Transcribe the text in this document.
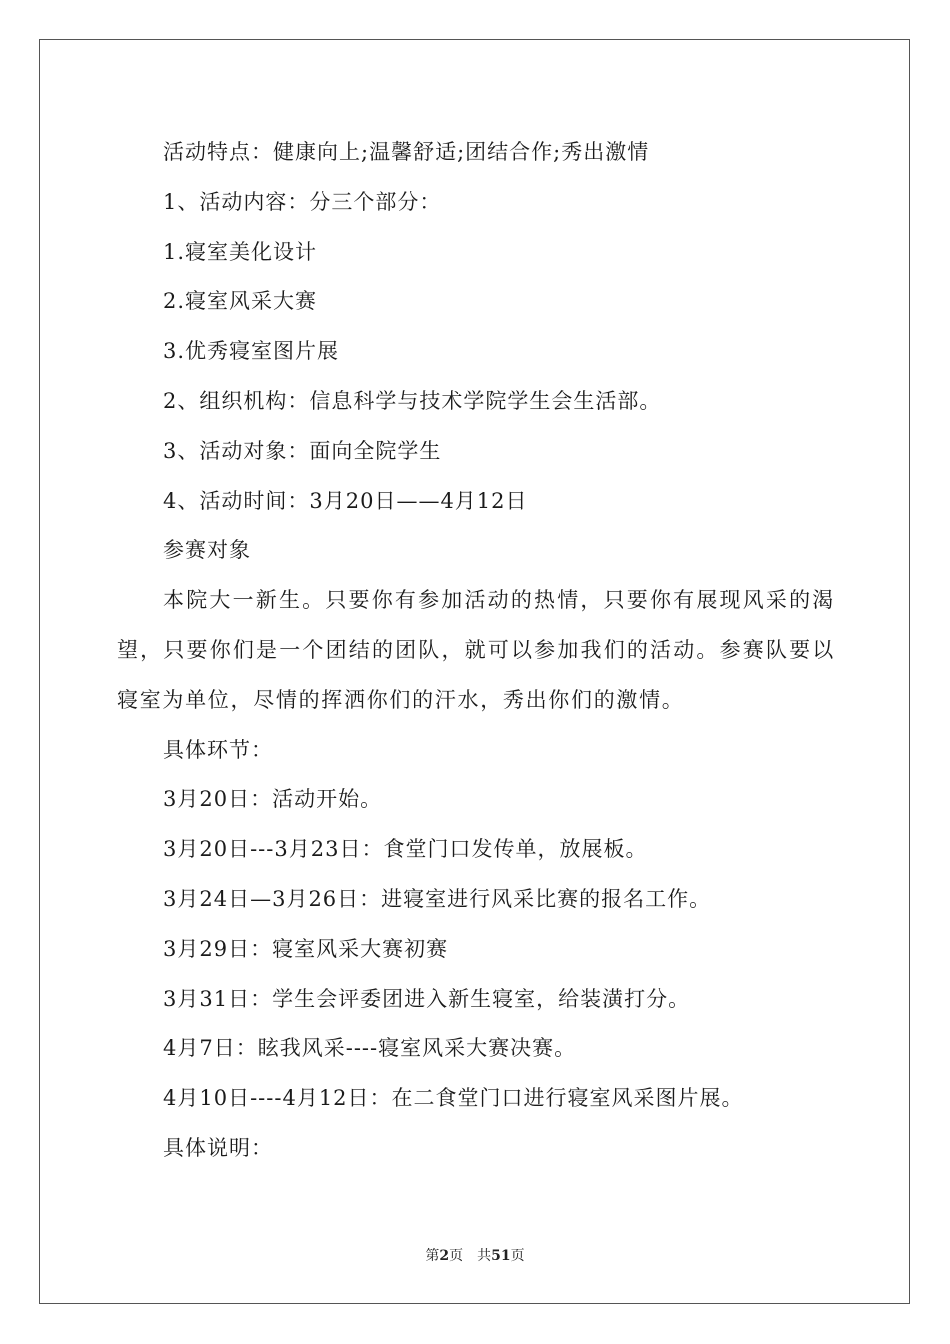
活动特点：健康向上;温馨舒适;团结合作;秀出激情
1、活动内容：分三个部分：
1.寝室美化设计
2.寝室风采大赛
3.优秀寝室图片展
2、组织机构：信息科学与技术学院学生会生活部。
3、活动对象：面向全院学生
4、活动时间：3月20日——4月12日
参赛对象

本院大一新生。只要你有参加活动的热情，只要你有展现风采的渴望，只要你们是一个团结的团队，就可以参加我们的活动。参赛队要以寝室为单位，尽情的挥洒你们的汗水，秀出你们的激情。

具体环节：
3月20日：活动开始。
3月20日---3月23日：食堂门口发传单，放展板。
3月24日—3月26日：进寝室进行风采比赛的报名工作。
3月29日：寝室风采大赛初赛
3月31日：学生会评委团进入新生寝室，给装潢打分。
4月7日：眩我风采----寝室风采大赛决赛。
4月10日----4月12日：在二食堂门口进行寝室风采图片展。
具体说明：
第2页 共51页
